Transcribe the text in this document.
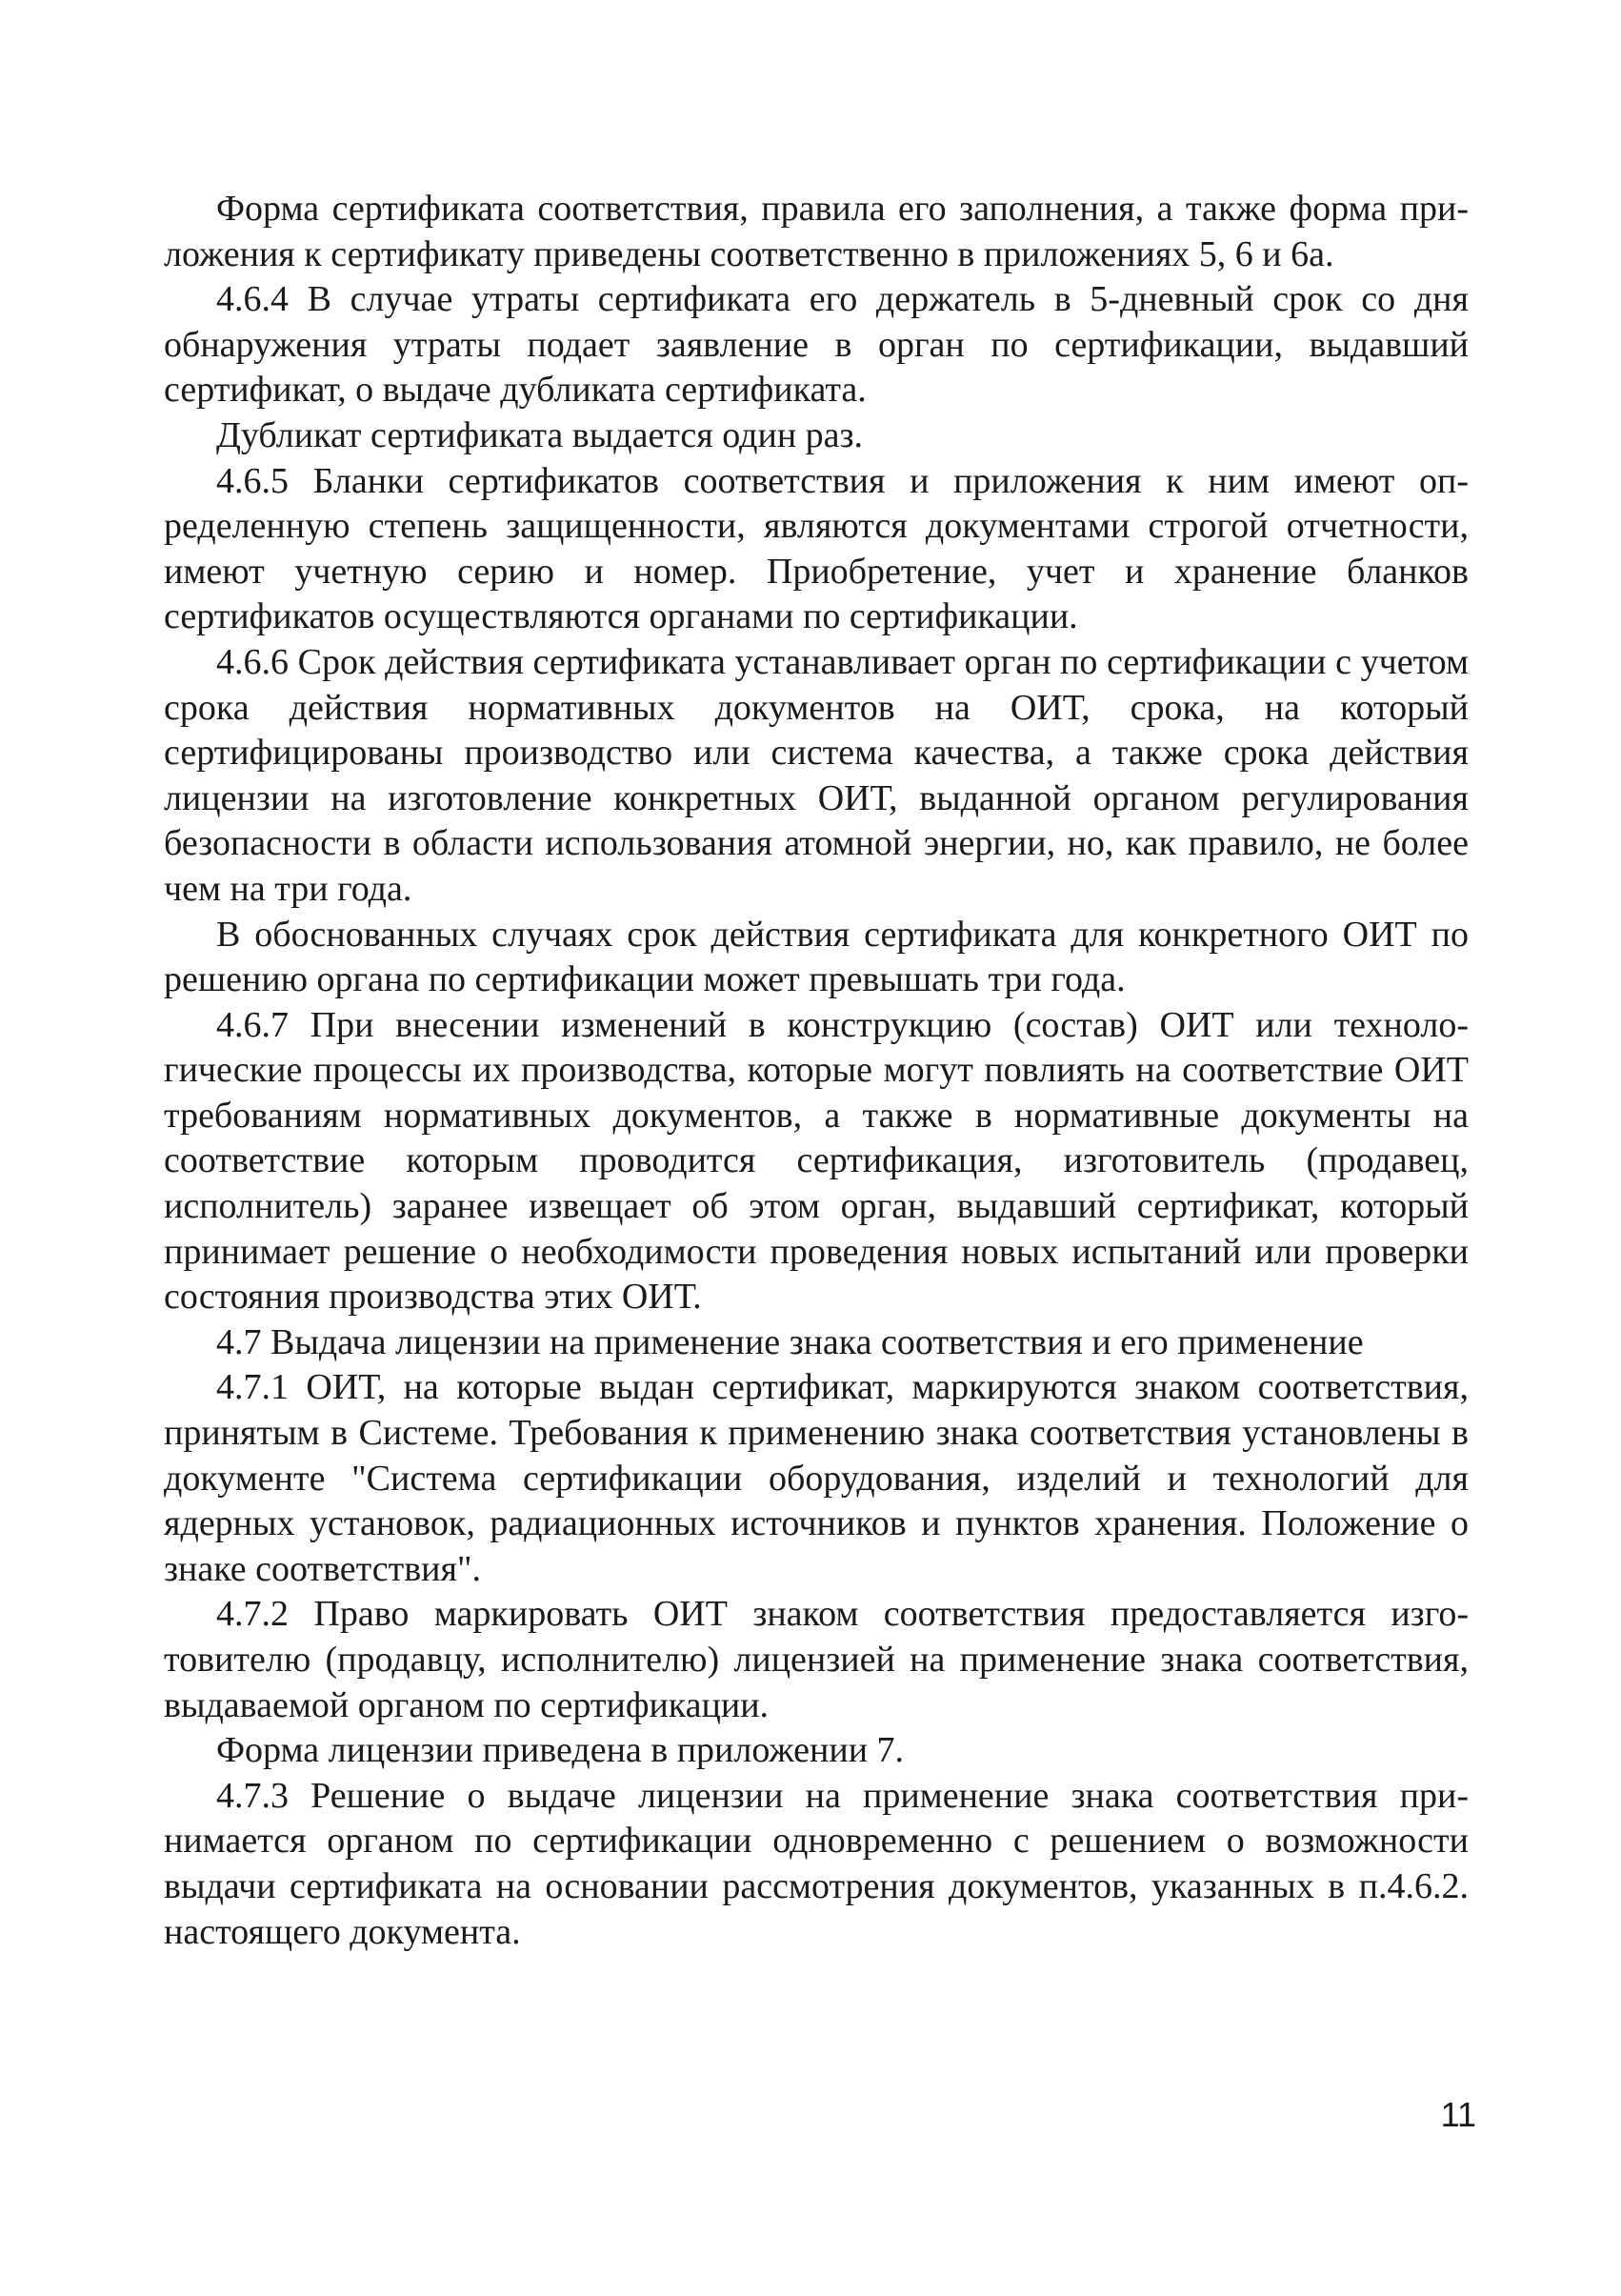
Форма сертификата соответствия, правила его заполнения, а также форма приложения к сертификату приведены соответственно в приложениях 5, 6 и 6а.

4.6.4 В случае утраты сертификата его держатель в 5-дневный срок со дня обнаружения утраты подает заявление в орган по сертификации, выдавший сертификат, о выдаче дубликата сертификата.

Дубликат сертификата выдается один раз.

4.6.5 Бланки сертификатов соответствия и приложения к ним имеют определенную степень защищенности, являются документами строгой отчетности, имеют учетную серию и номер. Приобретение, учет и хранение бланков сертификатов осуществляются органами по сертификации.

4.6.6 Срок действия сертификата устанавливает орган по сертификации с учетом срока действия нормативных документов на ОИТ, срока, на который сертифицированы производство или система качества, а также срока действия лицензии на изготовление конкретных ОИТ, выданной органом регулирования безопасности в области использования атомной энергии, но, как правило, не более чем на три года.

В обоснованных случаях срок действия сертификата для конкретного ОИТ по решению органа по сертификации может превышать три года.

4.6.7 При внесении изменений в конструкцию (состав) ОИТ или технологические процессы их производства, которые могут повлиять на соответствие ОИТ требованиям нормативных документов, а также в нормативные документы на соответствие которым проводится сертификация, изготовитель (продавец, исполнитель) заранее извещает об этом орган, выдавший сертификат, который принимает решение о необходимости проведения новых испытаний или проверки состояния производства этих ОИТ.

4.7 Выдача лицензии на применение знака соответствия и его применение

4.7.1 ОИТ, на которые выдан сертификат, маркируются знаком соответствия, принятым в Системе. Требования к применению знака соответствия установлены в документе "Система сертификации оборудования, изделий и технологий для ядерных установок, радиационных источников и пунктов хранения. Положение о знаке соответствия".

4.7.2 Право маркировать ОИТ знаком соответствия предоставляется изготовителю (продавцу, исполнителю) лицензией на применение знака соответствия, выдаваемой органом по сертификации.

Форма лицензии приведена в приложении 7.

4.7.3 Решение о выдаче лицензии на применение знака соответствия принимается органом по сертификации одновременно с решением о возможности выдачи сертификата на основании рассмотрения документов, указанных в п.4.6.2. настоящего документа.

11
